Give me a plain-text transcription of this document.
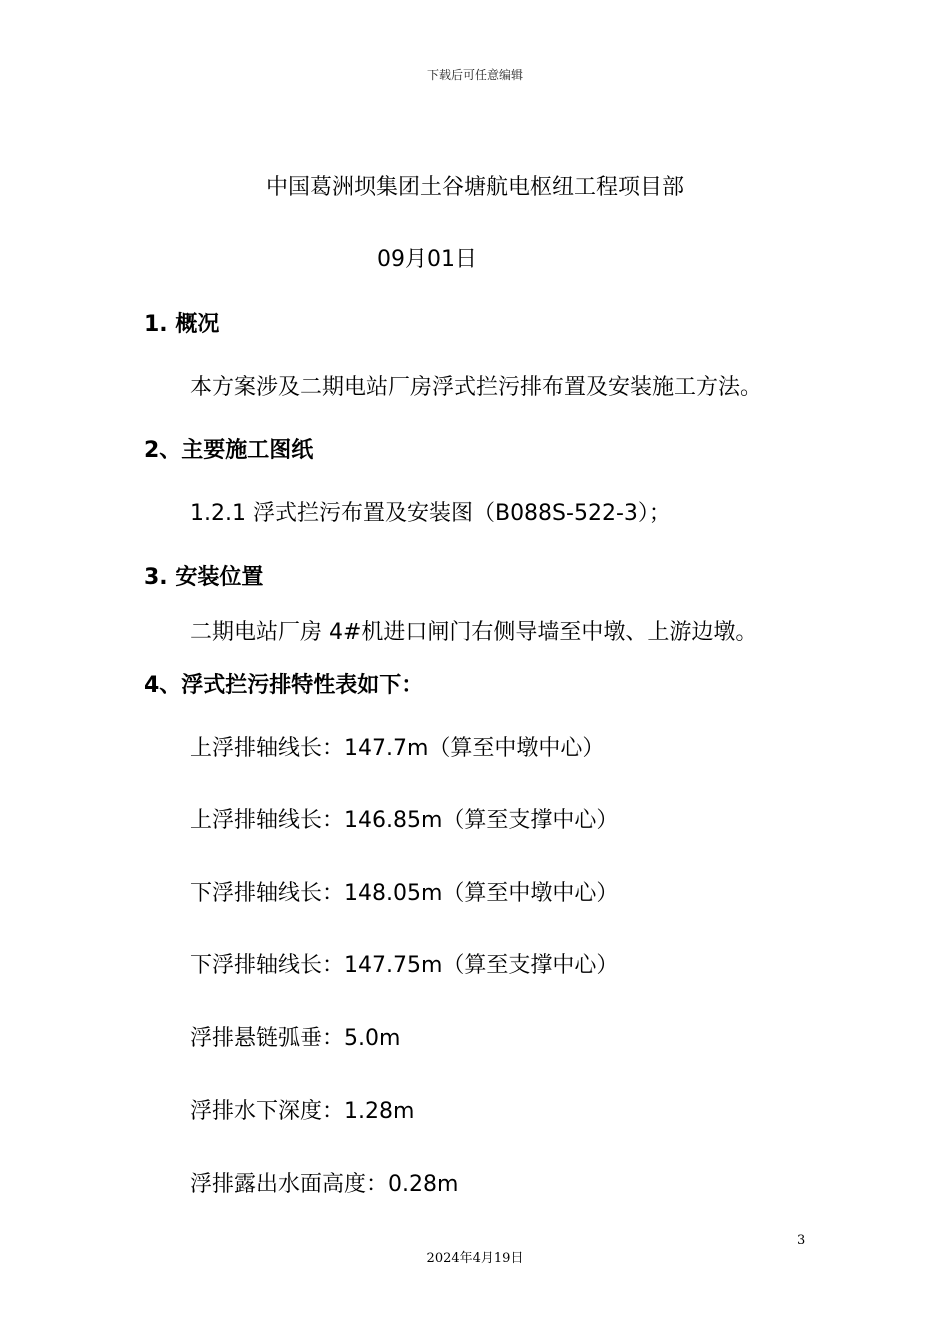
下载后可任意编辑
中国葛洲坝集团土谷塘航电枢纽工程项目部
09月01日
1. 概况
本方案涉及二期电站厂房浮式拦污排布置及安装施工方法。
2、主要施工图纸
1.2.1 浮式拦污布置及安装图（B088S-522-3）；
3. 安装位置
二期电站厂房 4#机进口闸门右侧导墙至中墩、上游边墩。
4、浮式拦污排特性表如下：
上浮排轴线长：147.7m（算至中墩中心）
上浮排轴线长：146.85m（算至支撑中心）
下浮排轴线长：148.05m（算至中墩中心）
下浮排轴线长：147.75m（算至支撑中心）
浮排悬链弧垂：5.0m
浮排水下深度：1.28m
浮排露出水面高度：0.28m
3
2024年4月19日
